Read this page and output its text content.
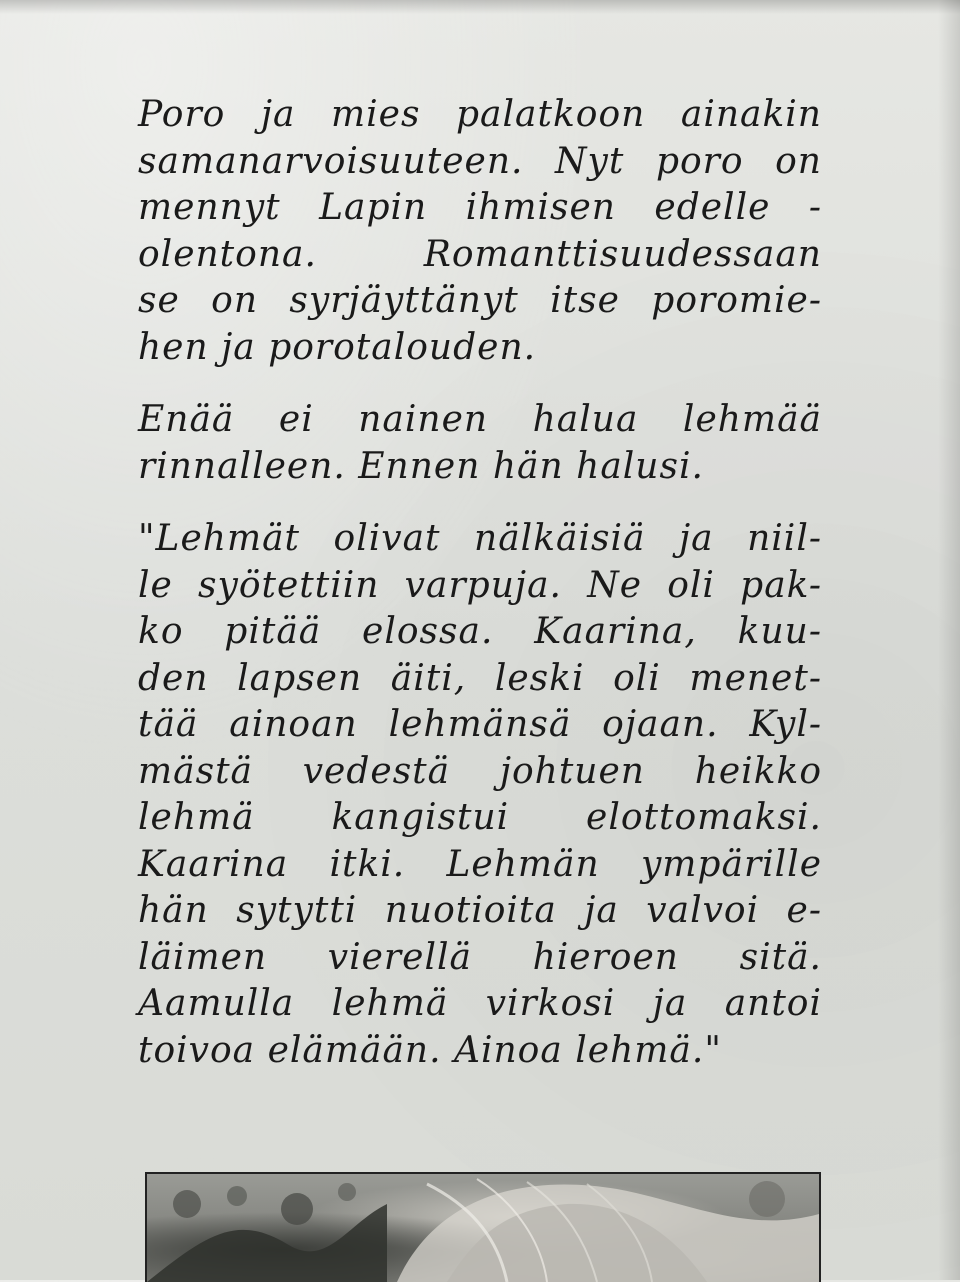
Poro ja mies palatkoon ainakin
samanarvoisuuteen. Nyt poro on
mennyt Lapin ihmisen edelle -
olentona. Romanttisuudessaan
se on syrjäyttänyt itse poromie-
hen ja porotalouden.
Enää ei nainen halua lehmää
rinnalleen. Ennen hän halusi.
"Lehmät olivat nälkäisiä ja niil-
le syötettiin varpuja. Ne oli pak-
ko pitää elossa. Kaarina, kuu-
den lapsen äiti, leski oli menet-
tää ainoan lehmänsä ojaan. Kyl-
mästä vedestä johtuen heikko
lehmä kangistui elottomaksi.
Kaarina itki. Lehmän ympärille
hän sytytti nuotioita ja valvoi e-
läimen vierellä hieroen sitä.
Aamulla lehmä virkosi ja antoi
toivoa elämään. Ainoa lehmä."
